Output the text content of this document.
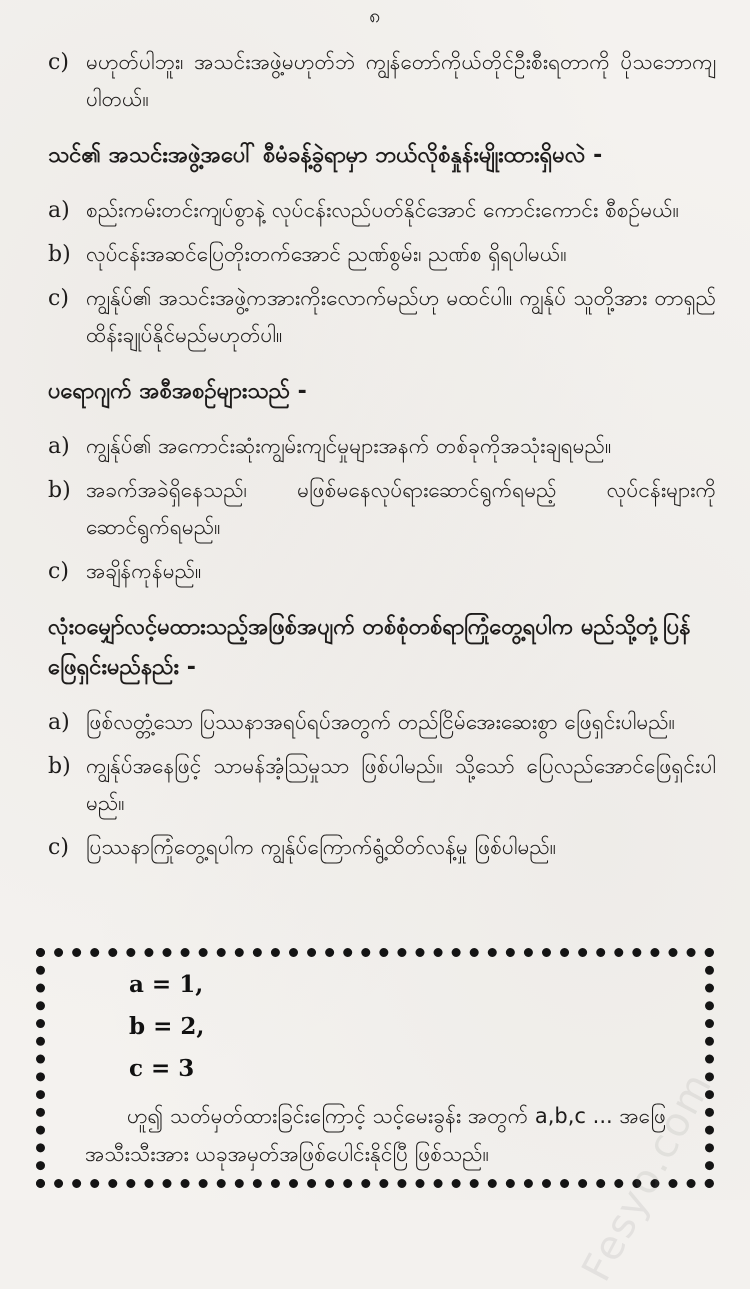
၈
c) မဟုတ်ပါဘူး၊ အသင်းအဖွဲ့မဟုတ်ဘဲ ကျွန်တော်ကိုယ်တိုင်ဦးစီးရတာကို ပိုသဘောကျပါတယ်။
သင်၏ အသင်းအဖွဲ့အပေါ် စီမံခန့်ခွဲရာမှာ ဘယ်လိုစံနှုန်းမျိုးထားရှိမလဲ -
a) စည်းကမ်းတင်းကျပ်စွာနဲ့ လုပ်ငန်းလည်ပတ်နိုင်အောင် ကောင်းကောင်း စီစဉ်မယ်။
b) လုပ်ငန်းအဆင်ပြေတိုးတက်အောင် ညဏ်စွမ်း၊ ညဏ်စ ရှိရပါမယ်။
c) ကျွန်ုပ်၏ အသင်းအဖွဲ့ကအားကိုးလောက်မည်ဟု မထင်ပါ။ ကျွန်ုပ် သူတို့အား တာရှည်ထိန်းချုပ်နိုင်မည်မဟုတ်ပါ။
ပရောဂျက် အစီအစဉ်များသည် -
a) ကျွန်ုပ်၏ အကောင်းဆုံးကျွမ်းကျင်မှုများအနက် တစ်ခုကိုအသုံးချရမည်။
b) အခက်အခဲရှိနေသည်၊ မဖြစ်မနေလုပ်ရားဆောင်ရွက်ရမည့် လုပ်ငန်းများကို ဆောင်ရွက်ရမည်။
c) အချိန်ကုန်မည်။
လုံးဝမျှော်လင့်မထားသည့်အဖြစ်အပျက် တစ်စုံတစ်ရာကြုံတွေ့ရပါက မည်သို့တုံ့ပြန်ဖြေရှင်းမည်နည်း -
a) ဖြစ်လတ္တံ့သော ပြဿနာအရပ်ရပ်အတွက် တည်ငြိမ်အေးဆေးစွာ ဖြေရှင်းပါမည်။
b) ကျွန်ုပ်အနေဖြင့် သာမန်အံ့သြမှုသာ ဖြစ်ပါမည်။ သို့သော် ပြေလည်အောင်ဖြေရှင်းပါမည်။
c) ပြဿနာကြုံတွေ့ရပါက ကျွန်ုပ်ကြောက်ရွံ့ထိတ်လန့်မှု ဖြစ်ပါမည်။
a = 1,
b = 2,
c = 3
ဟူ၍ သတ်မှတ်ထားခြင်းကြောင့် သင့်မေးခွန်း အတွက် a,b,c ... အဖြေအသီးသီးအား ယခုအမှတ်အဖြစ်ပေါင်းနိုင်ပြီ ဖြစ်သည်။	Fesyo.com
